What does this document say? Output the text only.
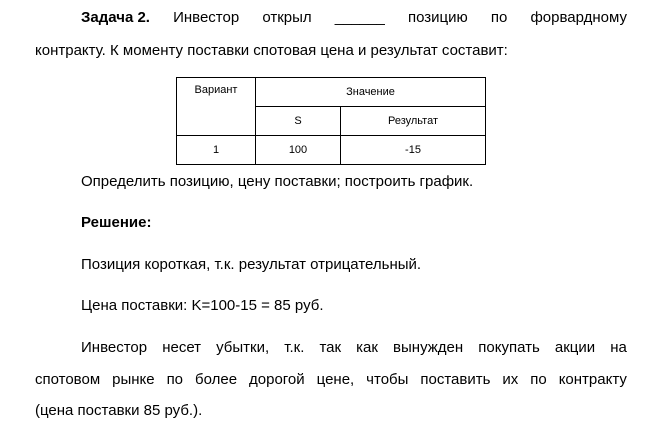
Задача 2. Инвестор открыл ______ позицию по форвардному
контракту. К моменту поставки спотовая цена и результат составит:
Вариант	Значение	
	S	Результат
1	100	-15
Определить позицию, цену поставки; построить график.
Решение:
Позиция короткая, т.к. результат отрицательный.
Цена поставки: K=100-15 = 85 руб.
Инвестор несет убытки, т.к. так как вынужден покупать акции на
спотовом рынке по более дорогой цене, чтобы поставить их по контракту
(цена поставки 85 руб.).
